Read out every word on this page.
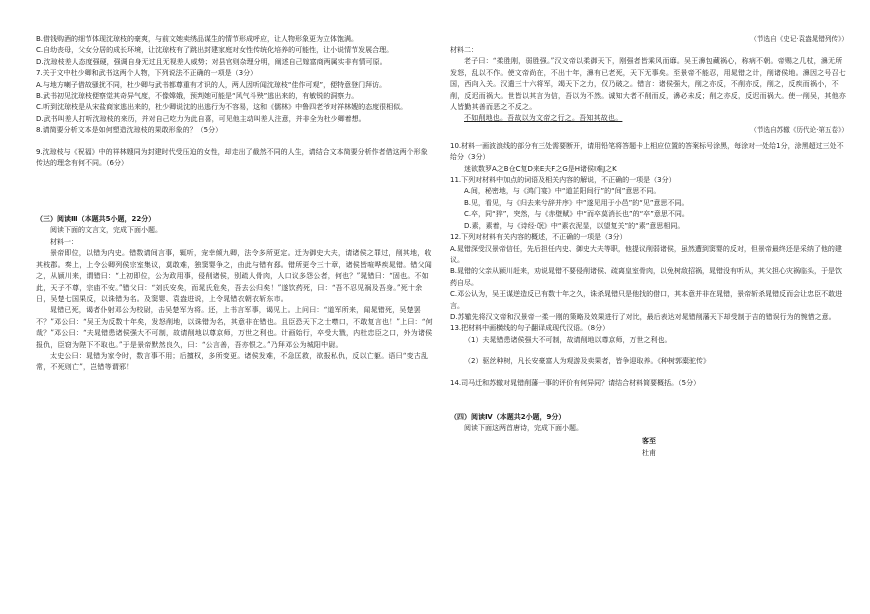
B.借钱购酒的细节体现沈琼枝的豪爽，与前文她卖绣品谋生的情节形成呼应，让人物形象更为立体饱满。

C.自幼丧母，父女分居的成长环境，让沈琼枝有了跳出封建家庭对女性传统化培养的可能性，让小说情节发展合理。

D.沈琼枝差人态度强硬，强调自身无过且无视差人威势；对县官则杂理分明，阐述自己嫁富商两属实非有情可原。

7.关于文中杜少卿和武书这两个人物，下列说法不正确的一项是（3分）

A.与地方喇子借故骚扰不同，杜少卿与武书都尊重有才识的人，两人因听闻沈琼枝“佳作可观”，便特意登门拜访。

B.武书初见沈琼枝便察觉其奇异气度，不像嫦娥，预判她可能是“风气斗殃”逃出来的，有敏锐的洞察力。

C.听到沈琼枝是从宋盐商家逃出来的，杜少卿说沈的出逃行为不容易，这和《儒林》中鲁四老爷对祥林嫂的态度很相似。

D.武书叫差人打听沈琼枝的来历，并对自己吃力为此自喜，可见他主动叫差人注意，并非全为杜少卿着想。

8.请简要分析文本是如何塑造沈琼枝的果敢形象的？（5分）

9.沈琼枝与《祝福》中的祥林嫂同为封建时代受压迫的女性，却走出了截然不同的人生，请结合文本简要分析作者借这两个形象传达的理念有何不同。（6分）

（三）阅读Ⅲ（本题共5小题，22分）

阅读下面的文言文，完成下面小题。

材料一：

景帝即位，以错为内史。错数请间言事，辄听，宠幸倾九卿，法令多所更定。迁为御史大夫，请诸侯之罪过，削其地，收其枝郡。奏上，上令公卿列侯宗室集议，莫敢难，独窦婴争之，由此与错有郄。错所更令三十章，诸侯皆喧哗疾晁错。错父闻之，从颍川来，谓错曰：“上初即位，公为政用事，侵削诸侯，别疏人骨肉，人口议多怨公者，何也？”晁错曰：“固也。不如此，天子不尊，宗庙不安。”错父曰：“刘氏安矣，而晁氏危矣，吾去公归矣！”遂饮药死，曰：“吾不忍见祸及吾身。”死十余日，吴楚七国果反，以诛错为名。及窦婴、袁盎进说，上令晁错衣朝衣斩东市。

晁错已死，谒者仆射邓公为校尉，击吴楚军为将。还，上书言军事，谒见上。上问曰：“道军所来，闻晁错死，吴楚罢不？”邓公曰：“吴王为反数十年矣，发怒削地，以诛错为名，其意非在错也。且臣恐天下之士噤口，不敢复言也！”上曰：“何哉？”邓公曰：“夫晁错患诸侯强大不可制，故请削地以尊京师，万世之利也。计画始行，卒受大戮，内杜忠臣之口，外为诸侯报仇，臣窃为陛下不取也。”于是景帝默然良久，曰：“公言善，吾亦恨之。”乃拜邓公为城阳中尉。

太史公曰：晁错为家令时，数言事不用；后擅权，多所变更。诸侯发难，不急匡救，欲报私仇，反以亡躯。语曰“变古乱常，不死则亡”，岂错等谓邪！

（节选自《史记·袁盎晁错列传》）

材料二：

老子曰：“柔胜刚，弱胜强。”汉文帝以柔御天下，刚强者皆乘风而靡。吴王濞包藏祸心，称病不朝。帝赐之几杖，濞无所发怒，乱以不作。使文帝尚在，不出十年，濞有已老死，天下无事矣。至景帝不能忍，用晁错之计，削诸侯地。濞因之号召七国，西向入关。汉遣三十六将军，竭天下之力，仅乃破之。错言：诸侯强大，削之亦反，不削亦反，削之，反疾而祸小，不削，反迟而祸大。世皆以其言为信，吾以为不然。诚知大者不削而反，濞必未反；削之亦反，反迟而祸大。使一削吴，其他亦人皆勤其善而恶之不反之。

不如削地也。吾故以为文帝之行之。吾知其故也。

（节选自苏辙《历代论·第五卷》）

10.材料一画波浪线的部分有三处需要断开，请用铅笔将答题卡上相应位置的答案标号涂黑，每涂对一处给1分，涂黑超过三处不给分（3分）

迷欲数罗A之B仓C复D来E夫F之G是H诸侯I难J之K

11.下列对材料中加点的词语及相关内容的解说，不正确的一项是（3分）

A.间，秘密地，与《鸿门宴》中“道芷阳间行”的“间”意思不同。

B.见，看见，与《归去来兮辞并序》中“遂见用于小邑”的“见”意思不同。

C.卒，同“猝”，突然，与《赤壁赋》中“而卒莫消长也”的“卒”意思不同。

D.素，素着，与《诗经·氓》中“素衣泥显，以望复关”的“素”意思相同。

12.下列对材料有关内容的概述，不正确的一项是（3分）

A.晁错深受汉景帝信任，先后担任内史、御史大夫等职，他提议削弱诸侯，虽然遭到窦婴的反对，但景帝最终还是采纳了他的建议。

B.晁错的父亲从颍川赶来，劝说晁错不要侵削诸侯、疏离皇室骨肉，以免树敌招祸，晁错没有听从，其父担心灾祸临头，于是饮药自尽。

C.邓公认为，吴王谋逆造反已有数十年之久，诛杀晁错只是他找的借口，其本意并非在晁错，景帝斩杀晁错反而会让忠臣不敢进言。

D.苏辙先将汉文帝和汉景帝一柔一刚的策略及效果进行了对比，最后表达对晁错削藩天下却受制于吉的错误行为的惋惜之意。

13.把材料中画横线的句子翻译成现代汉语。（8分）

（1）夫晁错患诸侯强大不可制，故请削地以尊京师，万世之利也。

（2）驱丝种树，凡长安豪富人为观游及卖果者，皆争迎取养。《种树郭橐驼传》

14.司马迁和苏辙对晁错削藩一事的评价有何异同？请结合材料简要概括。（5分）

（四）阅读Ⅳ（本题共2小题，9分）

阅读下面这两首唐诗，完成下面小题。

客至

杜甫
